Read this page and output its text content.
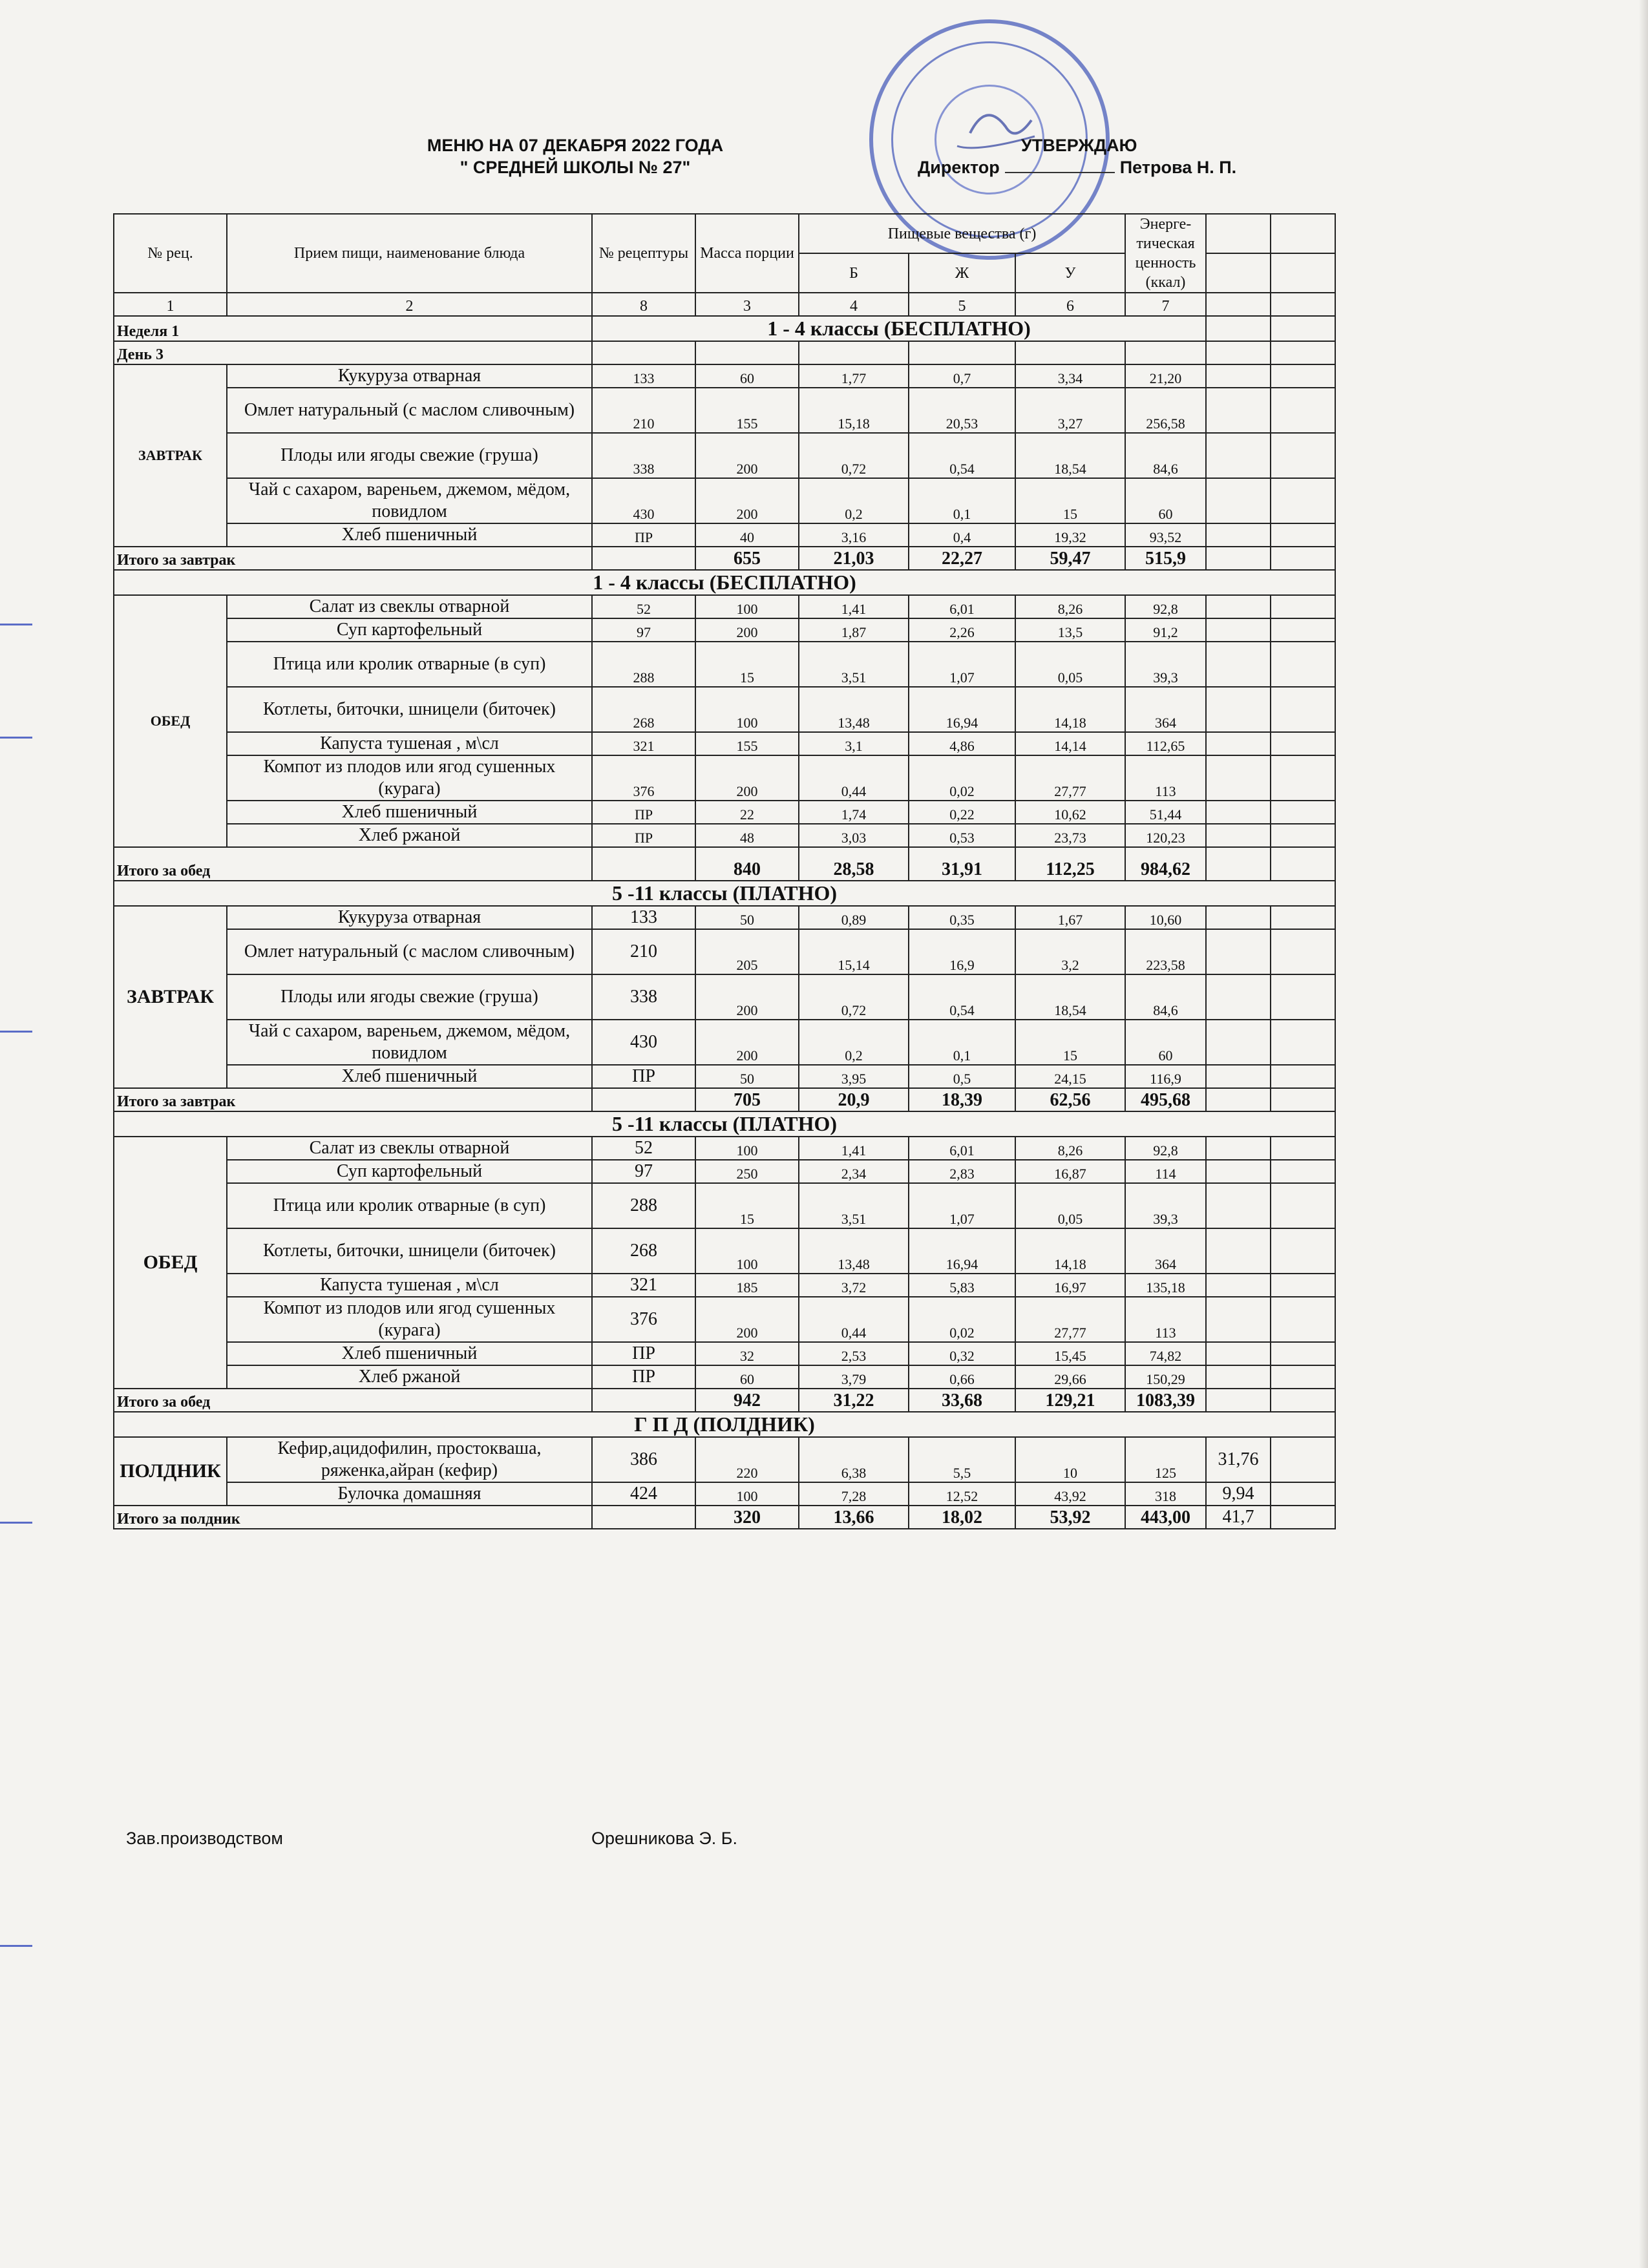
МЕНЮ НА 07 ДЕКАБРЯ 2022 ГОДА
" СРЕДНЕЙ ШКОЛЫ № 27"
УТВЕРЖДАЮ
Директор	Петрова Н. П.
№ рец.	Прием пищи, наименование блюда	№ рецептуры	Масса порции	Пищевые вещества (г)			Энерге-тическая ценность (ккал)		
				Б	Ж	У			
1	2	8	3	4	5	6	7		
Неделя 1		1 - 4 классы (БЕСПЛАТНО)							
День 3									
ЗАВТРАК	Кукуруза отварная	133	60	1,77	0,7	3,34	21,20		
	Омлет натуральный (с маслом сливочным)	210	155	15,18	20,53	3,27	256,58		
	Плоды или ягоды свежие (груша)	338	200	0,72	0,54	18,54	84,6		
	Чай с сахаром, вареньем, джемом, мёдом, повидлом	430	200	0,2	0,1	15	60		
	Хлеб пшеничный	ПР	40	3,16	0,4	19,32	93,52		
Итого за завтрак			655	21,03	22,27	59,47	515,9		
1 - 4 классы (БЕСПЛАТНО)									
ОБЕД	Салат из свеклы отварной	52	100	1,41	6,01	8,26	92,8		
	Суп картофельный	97	200	1,87	2,26	13,5	91,2		
	Птица или кролик отварные (в суп)	288	15	3,51	1,07	0,05	39,3		
	Котлеты, биточки, шницели (биточек)	268	100	13,48	16,94	14,18	364		
	Капуста тушеная , м\сл	321	155	3,1	4,86	14,14	112,65		
	Компот из плодов или ягод сушенных (курага)	376	200	0,44	0,02	27,77	113		
	Хлеб пшеничный	ПР	22	1,74	0,22	10,62	51,44		
	Хлеб ржаной	ПР	48	3,03	0,53	23,73	120,23		
Итого за обед			840	28,58	31,91	112,25	984,62		
5 -11 классы (ПЛАТНО)									
ЗАВТРАК	Кукуруза отварная	133	50	0,89	0,35	1,67	10,60		
	Омлет натуральный (с маслом сливочным)	210	205	15,14	16,9	3,2	223,58		
	Плоды или ягоды свежие (груша)	338	200	0,72	0,54	18,54	84,6		
	Чай с сахаром, вареньем, джемом, мёдом, повидлом	430	200	0,2	0,1	15	60		
	Хлеб пшеничный	ПР	50	3,95	0,5	24,15	116,9		
Итого за завтрак			705	20,9	18,39	62,56	495,68		
5 -11 классы (ПЛАТНО)									
ОБЕД	Салат из свеклы отварной	52	100	1,41	6,01	8,26	92,8		
	Суп картофельный	97	250	2,34	2,83	16,87	114		
	Птица или кролик отварные (в суп)	288	15	3,51	1,07	0,05	39,3		
	Котлеты, биточки, шницели (биточек)	268	100	13,48	16,94	14,18	364		
	Капуста тушеная , м\сл	321	185	3,72	5,83	16,97	135,18		
	Компот из плодов или ягод сушенных (курага)	376	200	0,44	0,02	27,77	113		
	Хлеб пшеничный	ПР	32	2,53	0,32	15,45	74,82		
	Хлеб ржаной	ПР	60	3,79	0,66	29,66	150,29		
Итого за обед			942	31,22	33,68	129,21	1083,39		
Г П Д (ПОЛДНИК)									
ПОЛДНИК	Кефир,ацидофилин, простокваша, ряженка,айран (кефир)	386	220	6,38	5,5	10	125	31,76	
	Булочка домашняя	424	100	7,28	12,52	43,92	318	9,94	
Итого за полдник			320	13,66	18,02	53,92	443,00	41,7	
Зав.производством	Орешникова Э. Б.
